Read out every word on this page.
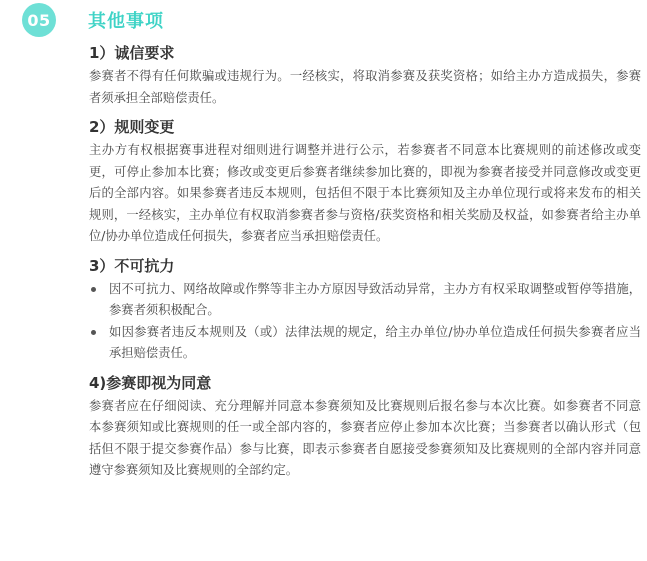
05 其他事项
1）诚信要求
参赛者不得有任何欺骗或违规行为。一经核实，将取消参赛及获奖资格；如给主办方造成损失，参赛者须承担全部赔偿责任。
2）规则变更
主办方有权根据赛事进程对细则进行调整并进行公示，若参赛者不同意本比赛规则的前述修改或变更，可停止参加本比赛；修改或变更后参赛者继续参加比赛的，即视为参赛者接受并同意修改或变更后的全部内容。如果参赛者违反本规则，包括但不限于本比赛须知及主办单位现行或将来发布的相关规则，一经核实，主办单位有权取消参赛者参与资格/获奖资格和相关奖励及权益，如参赛者给主办单位/协办单位造成任何损失，参赛者应当承担赔偿责任。
3）不可抗力
因不可抗力、网络故障或作弊等非主办方原因导致活动异常，主办方有权采取调整或暂停等措施，参赛者须积极配合。
如因参赛者违反本规则及（或）法律法规的规定，给主办单位/协办单位造成任何损失参赛者应当承担赔偿责任。
4)参赛即视为同意
参赛者应在仔细阅读、充分理解并同意本参赛须知及比赛规则后报名参与本次比赛。如参赛者不同意本参赛须知或比赛规则的任一或全部内容的，参赛者应停止参加本次比赛；当参赛者以确认形式（包括但不限于提交参赛作品）参与比赛，即表示参赛者自愿接受参赛须知及比赛规则的全部内容并同意遵守参赛须知及比赛规则的全部约定。
